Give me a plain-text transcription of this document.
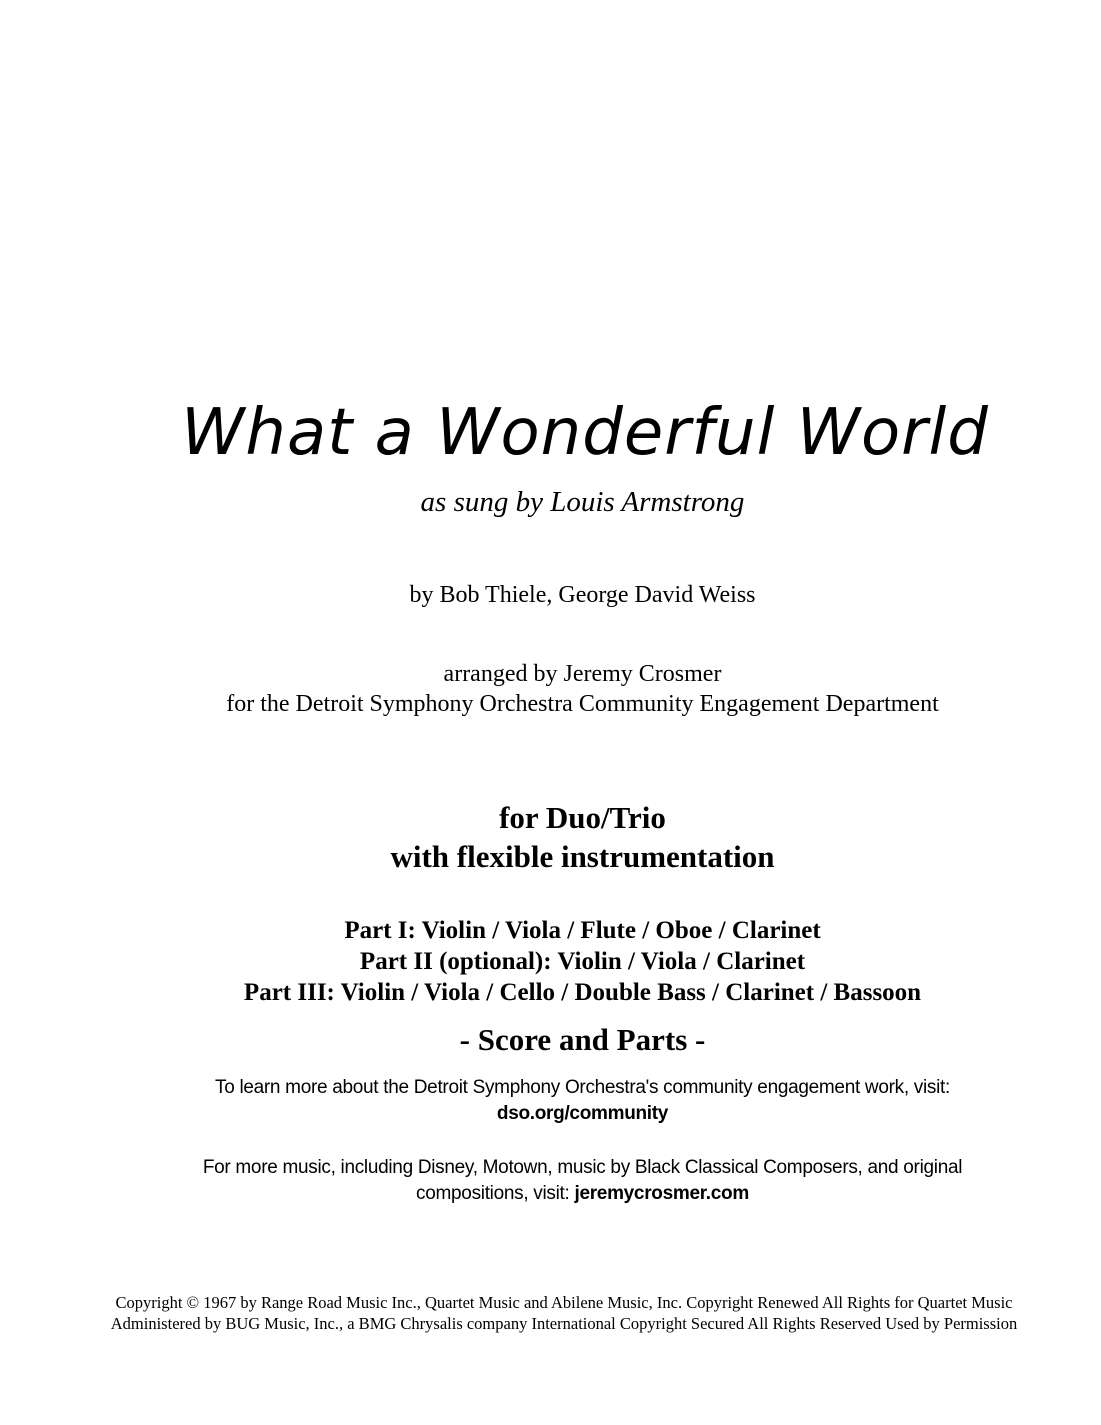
What a Wonderful World
as sung by Louis Armstrong
by Bob Thiele, George David Weiss
arranged by Jeremy Crosmer
for the Detroit Symphony Orchestra Community Engagement Department
for Duo/Trio
with flexible instrumentation
Part I: Violin / Viola / Flute / Oboe / Clarinet
Part II (optional): Violin / Viola / Clarinet
Part III: Violin / Viola / Cello / Double Bass / Clarinet / Bassoon
- Score and Parts -
To learn more about the Detroit Symphony Orchestra's community engagement work, visit:
dso.org/community
For more music, including Disney, Motown, music by Black Classical Composers, and original
compositions, visit: jeremycrosmer.com
Copyright © 1967 by Range Road Music Inc., Quartet Music and Abilene Music, Inc. Copyright Renewed All Rights for Quartet Music Administered by BUG Music, Inc., a BMG Chrysalis company International Copyright Secured All Rights Reserved Used by Permission
